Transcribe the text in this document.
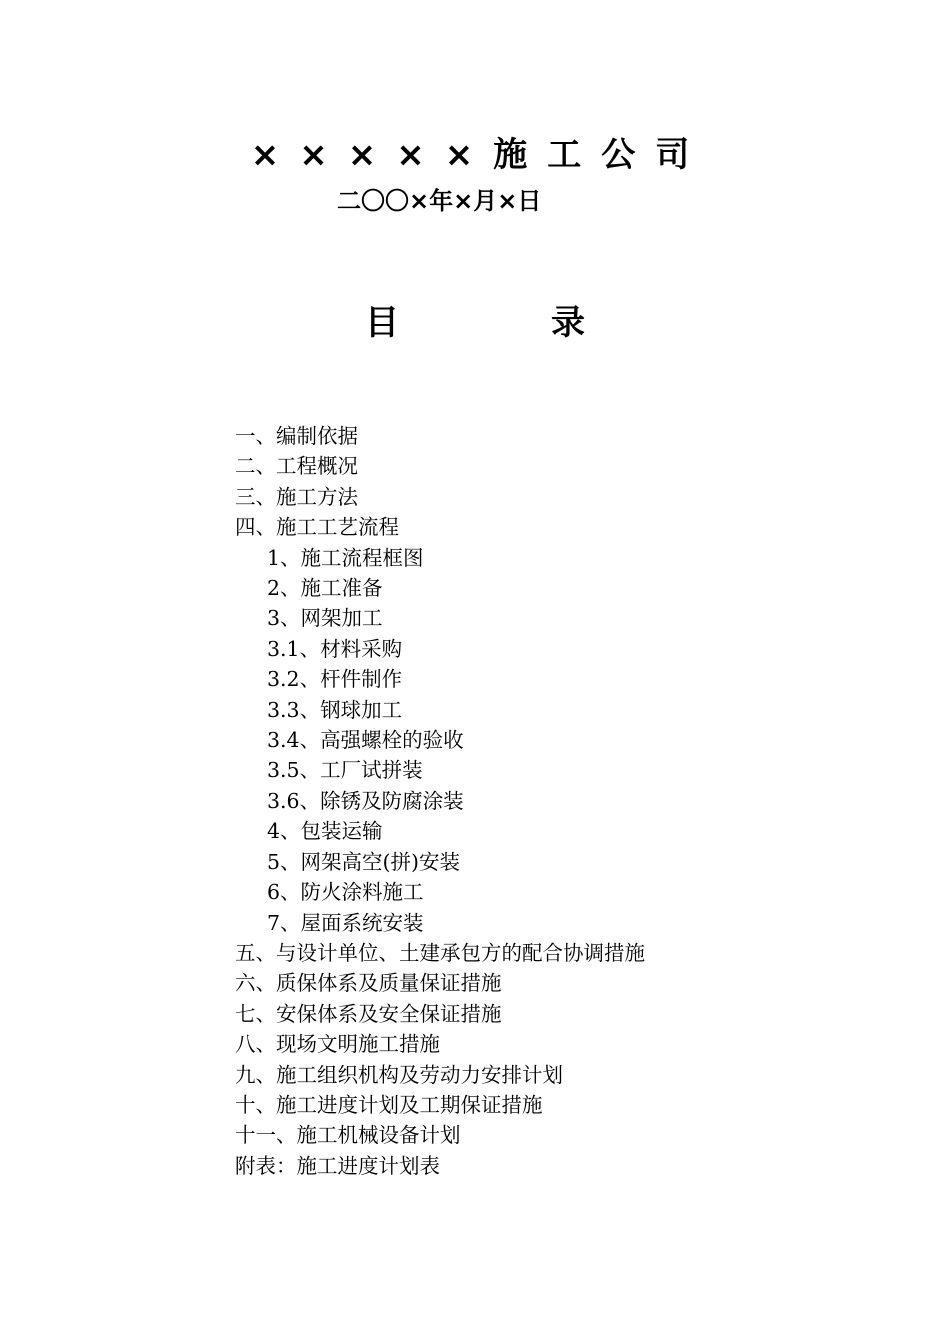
×××××施工公司
二〇〇×年×月×日
目	录
一、编制依据
二、工程概况
三、施工方法
四、施工工艺流程
1、施工流程框图
2、施工准备
3、网架加工
3.1、材料采购
3.2、杆件制作
3.3、钢球加工
3.4、高强螺栓的验收
3.5、工厂试拼装
3.6、除锈及防腐涂装
4、包装运输
5、网架高空(拼)安装
6、防火涂料施工
7、屋面系统安装
五、与设计单位、土建承包方的配合协调措施
六、质保体系及质量保证措施
七、安保体系及安全保证措施
八、现场文明施工措施
九、施工组织机构及劳动力安排计划
十、施工进度计划及工期保证措施
十一、施工机械设备计划
附表：施工进度计划表
